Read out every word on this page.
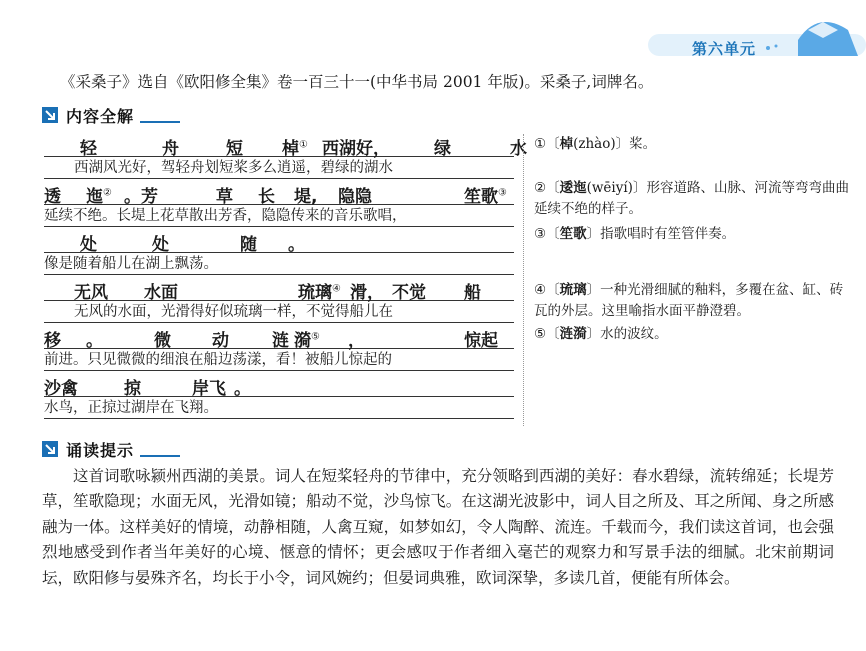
第六单元
《采桑子》选自《欧阳修全集》卷一百三十一(中华书局 2001 年版)。采桑子,词牌名。
内容全解
轻	舟	短 棹① 西湖好，	绿	水
西湖风光好，驾轻舟划短桨多么逍遥，碧绿的湖水
透 迤② 。芳	草 长 堤, 隐隐	笙歌③
延续不绝。长堤上花草散出芳香，隐隐传来的音乐歌唱，
处	处	随 。
像是随着船儿在湖上飘荡。
无风 水面	琉璃④ 滑， 不觉 船
无风的水面，光滑得好似琉璃一样，不觉得船儿在
移 。	微 动	涟 漪⑤ ，	惊起
前进。只见微微的细浪在船边荡漾，看！被船儿惊起的
沙禽	掠	岸飞 。
水鸟，正掠过湖岸在飞翔。
①〔棹(zhào)〕桨。
②〔逶迤(wēiyí)〕形容道路、山脉、河流等弯弯曲曲延续不绝的样子。
③〔笙歌〕指歌唱时有笙管伴奏。
④〔琉璃〕一种光滑细腻的釉料，多覆在盆、缸、砖瓦的外层。这里喻指水面平静澄碧。
⑤〔涟漪〕水的波纹。
诵读提示

这首词歌咏颍州西湖的美景。词人在短桨轻舟的节律中，充分领略到西湖的美好：春水碧绿，流转绵延；长堤芳草，笙歌隐现；水面无风，光滑如镜；船动不觉，沙鸟惊飞。在这湖光波影中，词人目之所及、耳之所闻、身之所感融为一体。这样美好的情境，动静相随，人禽互窥，如梦如幻，令人陶醉、流连。千载而今，我们读这首词，也会强烈地感受到作者当年美好的心境、惬意的情怀；更会感叹于作者细入毫芒的观察力和写景手法的细腻。北宋前期词坛，欧阳修与晏殊齐名，均长于小令，词风婉约；但晏词典雅，欧词深挚，多读几首，便能有所体会。
